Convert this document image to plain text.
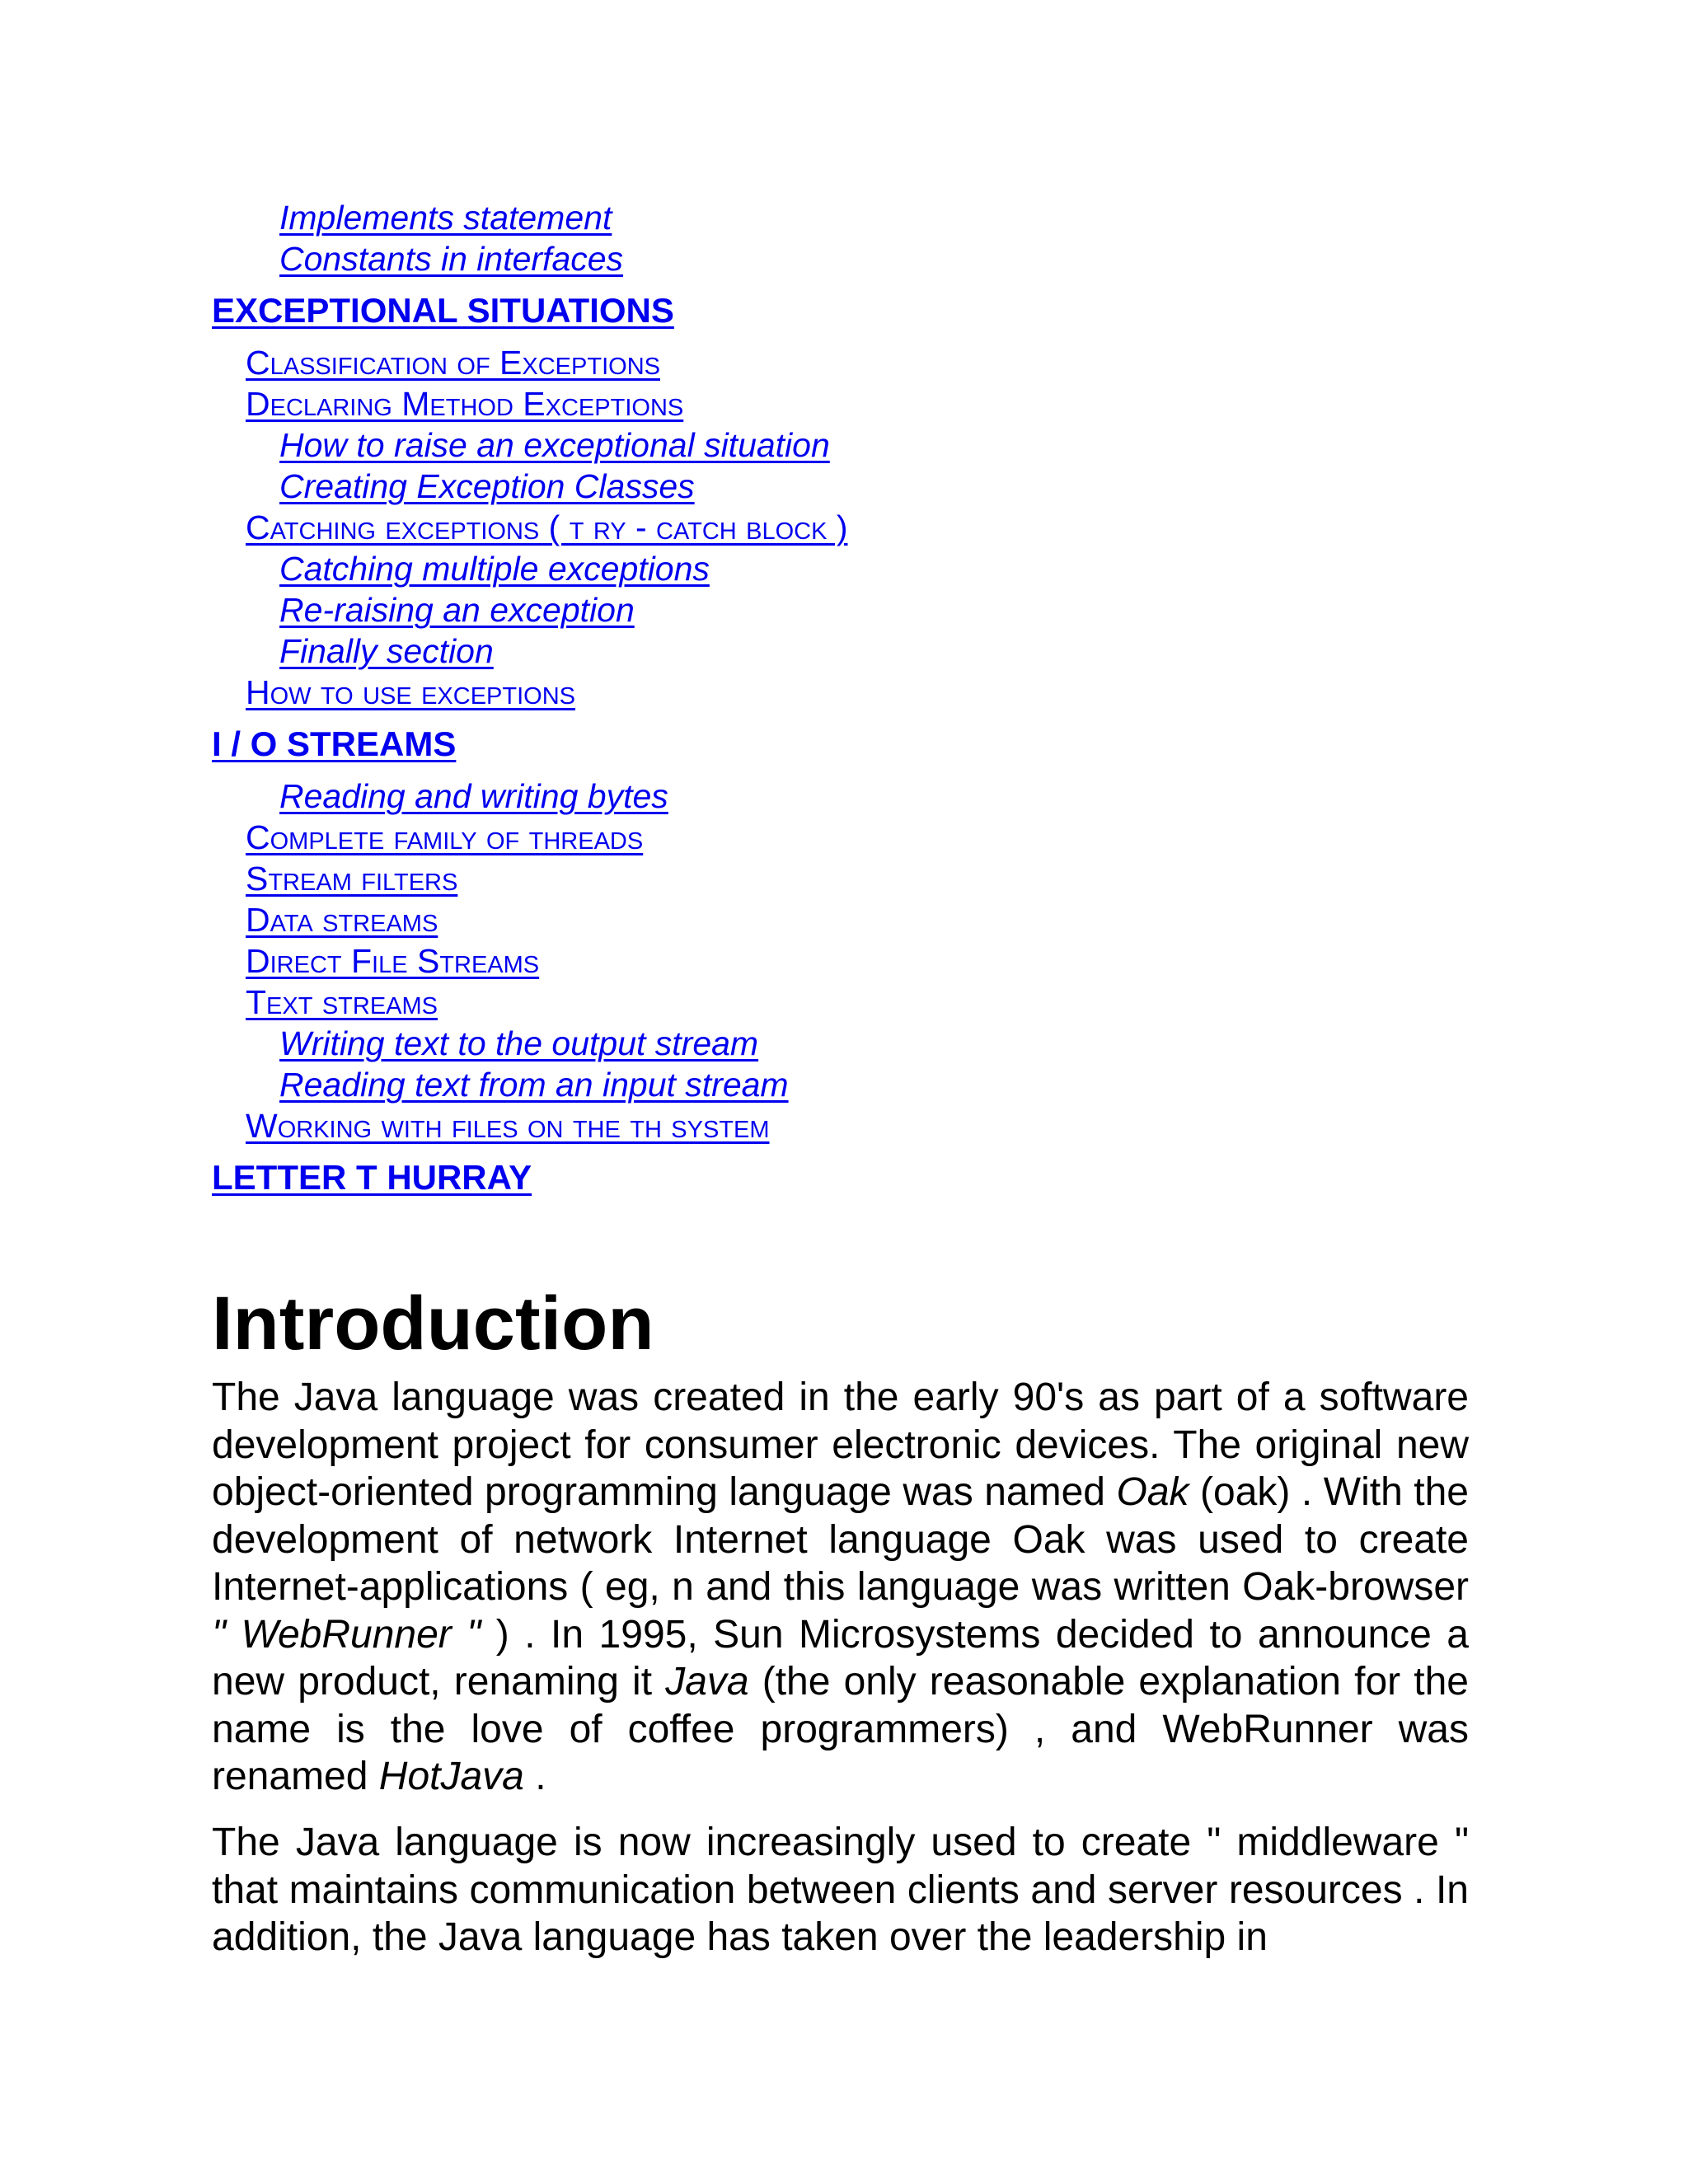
Implements statement
Constants in interfaces
EXCEPTIONAL SITUATIONS
Classification of Exceptions
Declaring Method Exceptions
How to raise an exceptional situation
Creating Exception Classes
Catching exceptions ( t ry - catch block )
Catching multiple exceptions
Re-raising an exception
Finally section
How to use exceptions
I / O STREAMS
Reading and writing bytes
Complete family of threads
Stream filters
Data streams
Direct File Streams
Text streams
Writing text to the output stream
Reading text from an input stream
Working with files on the th system
LETTER T HURRAY
Introduction

The Java language was created in the early 90's as part of a software development project for consumer electronic devices. The original new object-oriented programming language was named Oak (oak) . With the development of network Internet language Oak was used to create Internet-applications ( eg, n and this language was written Oak-browser " WebRunner " ) . In 1995, Sun Microsystems decided to announce a new product, renaming it Java (the only reasonable explanation for the name is the love of coffee programmers) , and WebRunner was renamed HotJava .

The Java language is now increasingly used to create " middleware " that maintains communication between clients and server resources . In addition, the Java language has taken over the leadership in
